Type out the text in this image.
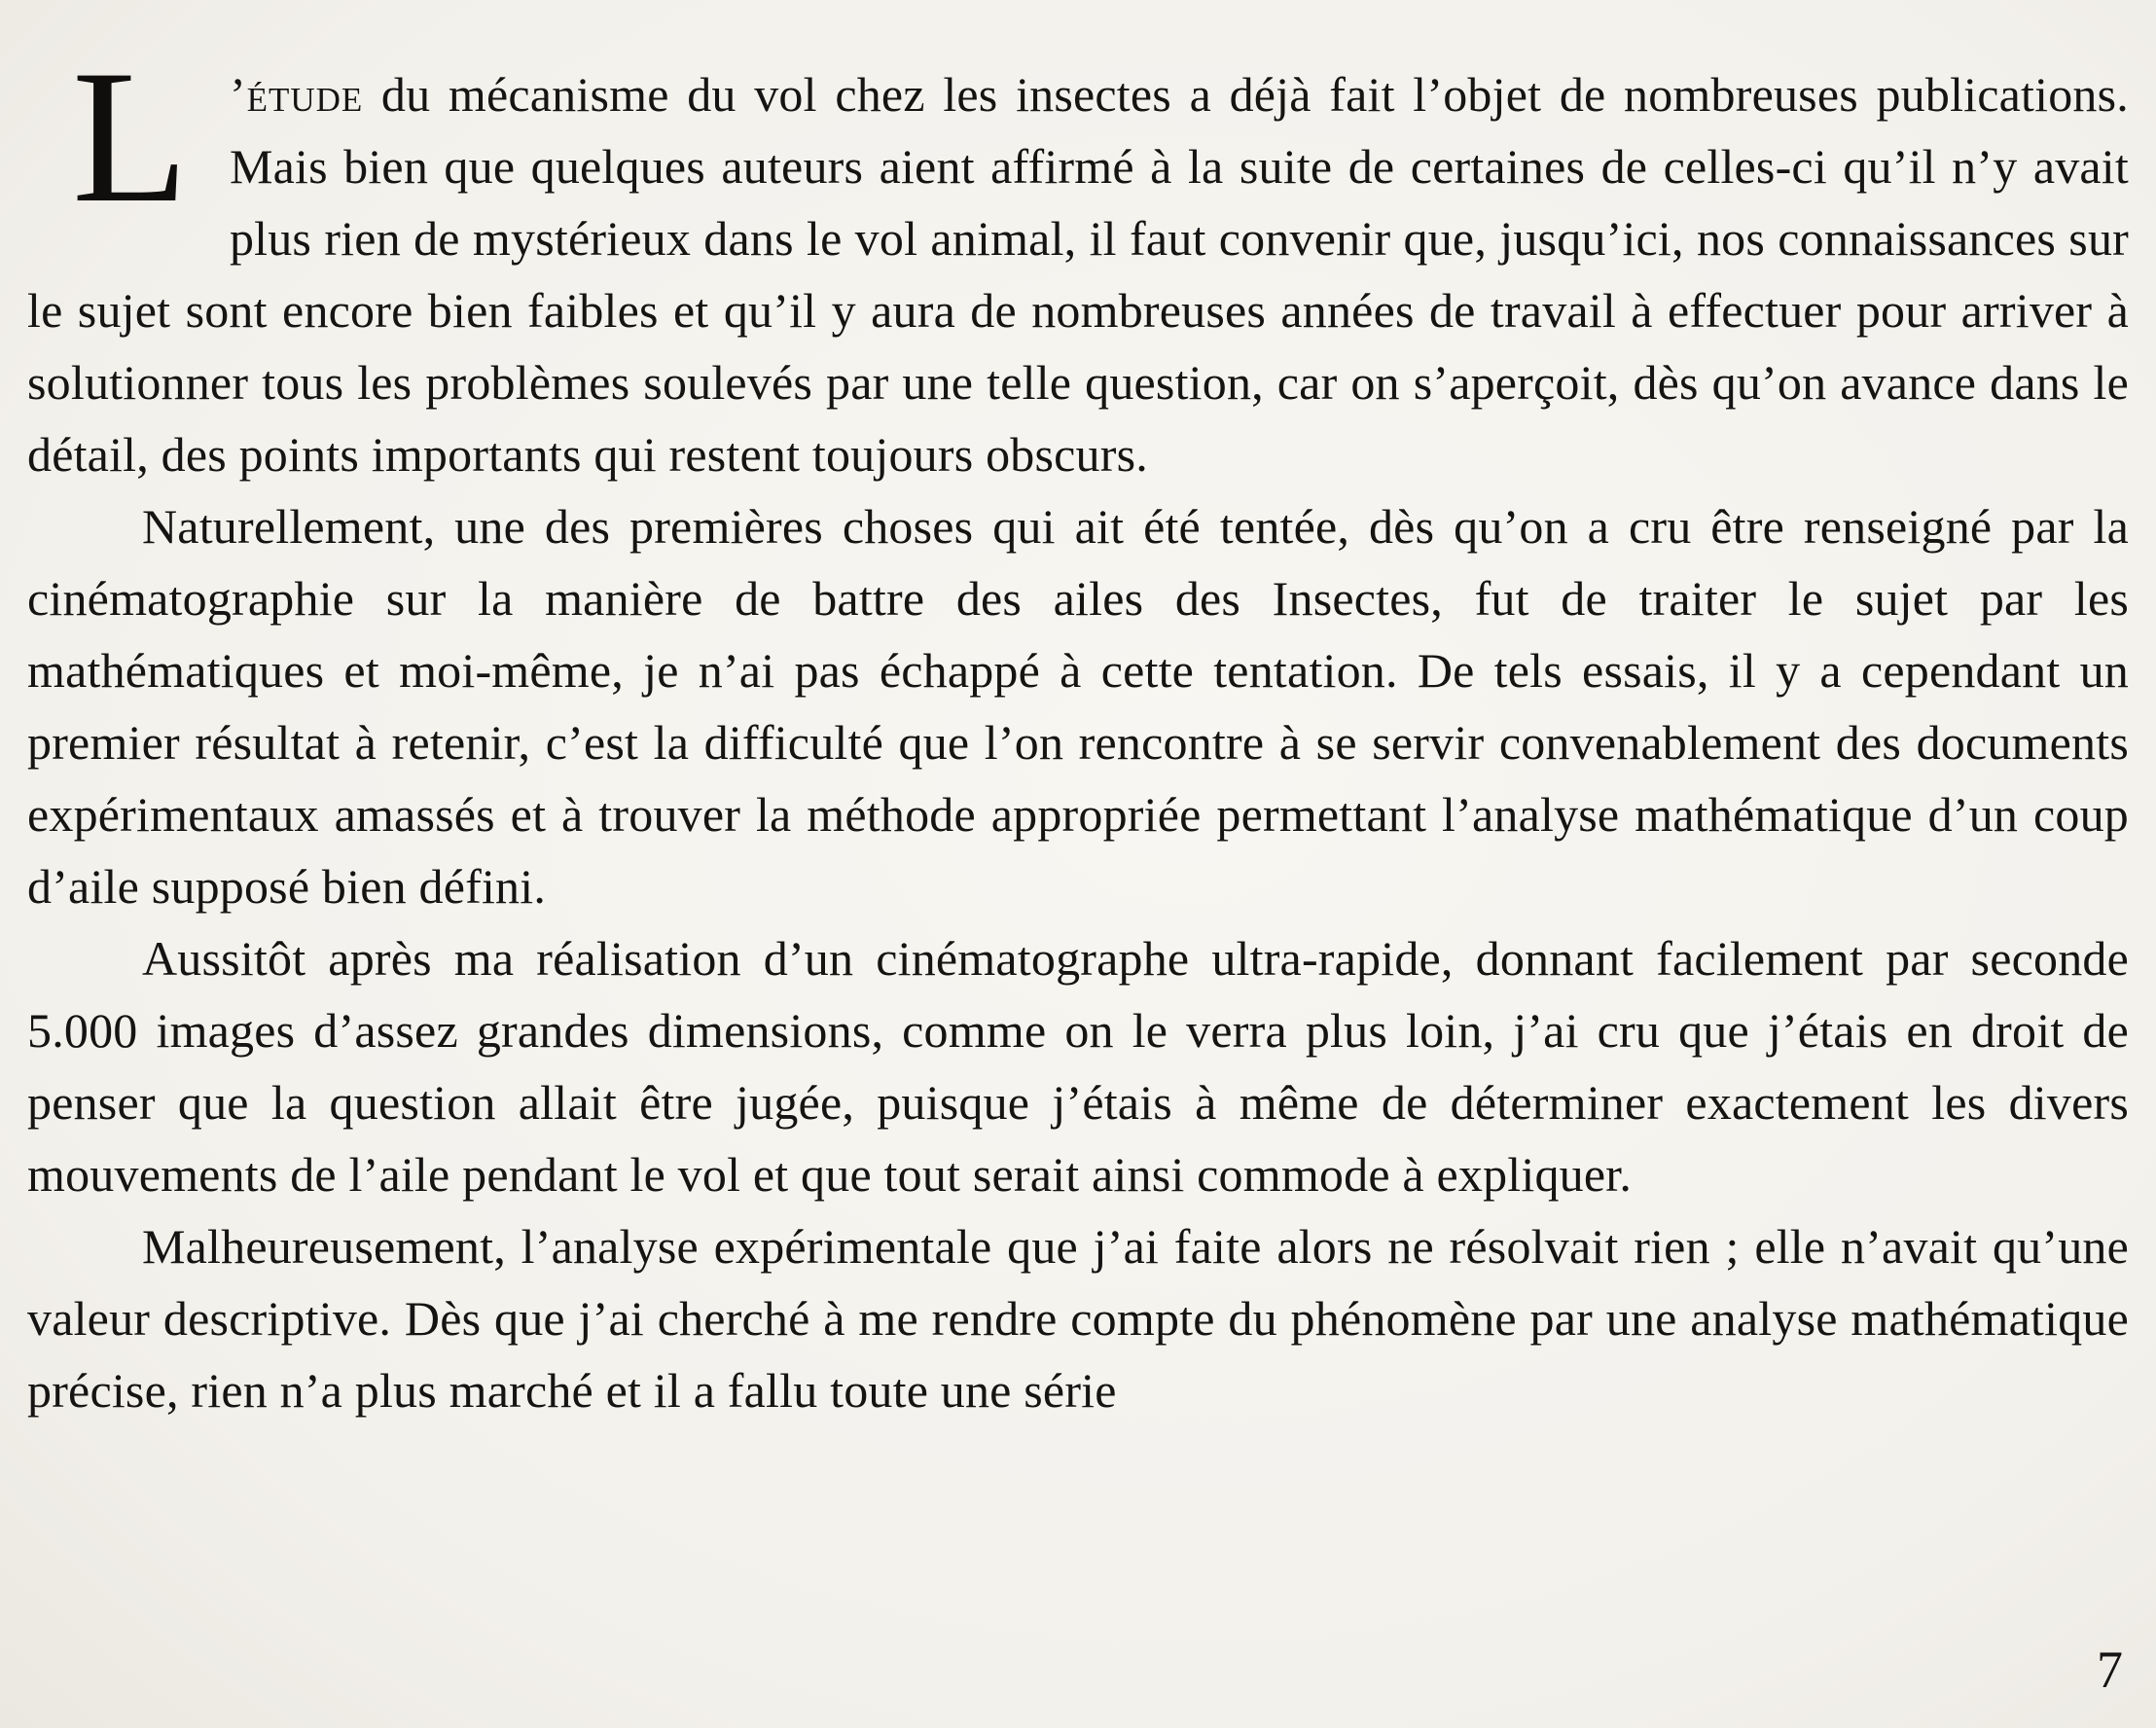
L ’étude du mécanisme du vol chez les insectes a déjà fait l’objet de nombreuses publications. Mais bien que quelques auteurs aient affirmé à la suite de certaines de celles-ci qu’il n’y avait plus rien de mystérieux dans le vol animal, il faut convenir que, jusqu’ici, nos connaissances sur le sujet sont encore bien faibles et qu’il y aura de nombreuses années de travail à effectuer pour arriver à solutionner tous les problèmes soulevés par une telle question, car on s’aperçoit, dès qu’on avance dans le détail, des points importants qui restent toujours obscurs.

Naturellement, une des premières choses qui ait été tentée, dès qu’on a cru être renseigné par la cinématographie sur la manière de battre des ailes des Insectes, fut de traiter le sujet par les mathématiques et moi-même, je n’ai pas échappé à cette tentation. De tels essais, il y a cependant un premier résultat à retenir, c’est la difficulté que l’on rencontre à se servir convenablement des documents expérimentaux amassés et à trouver la méthode appropriée permettant l’analyse mathématique d’un coup d’aile supposé bien défini.

Aussitôt après ma réalisation d’un cinématographe ultra-rapide, donnant facilement par seconde 5.000 images d’assez grandes dimensions, comme on le verra plus loin, j’ai cru que j’étais en droit de penser que la question allait être jugée, puisque j’étais à même de déterminer exactement les divers mouvements de l’aile pendant le vol et que tout serait ainsi commode à expliquer.

Malheureusement, l’analyse expérimentale que j’ai faite alors ne résolvait rien ; elle n’avait qu’une valeur descriptive. Dès que j’ai cherché à me rendre compte du phénomène par une analyse mathématique précise, rien n’a plus marché et il a fallu toute une série

7
